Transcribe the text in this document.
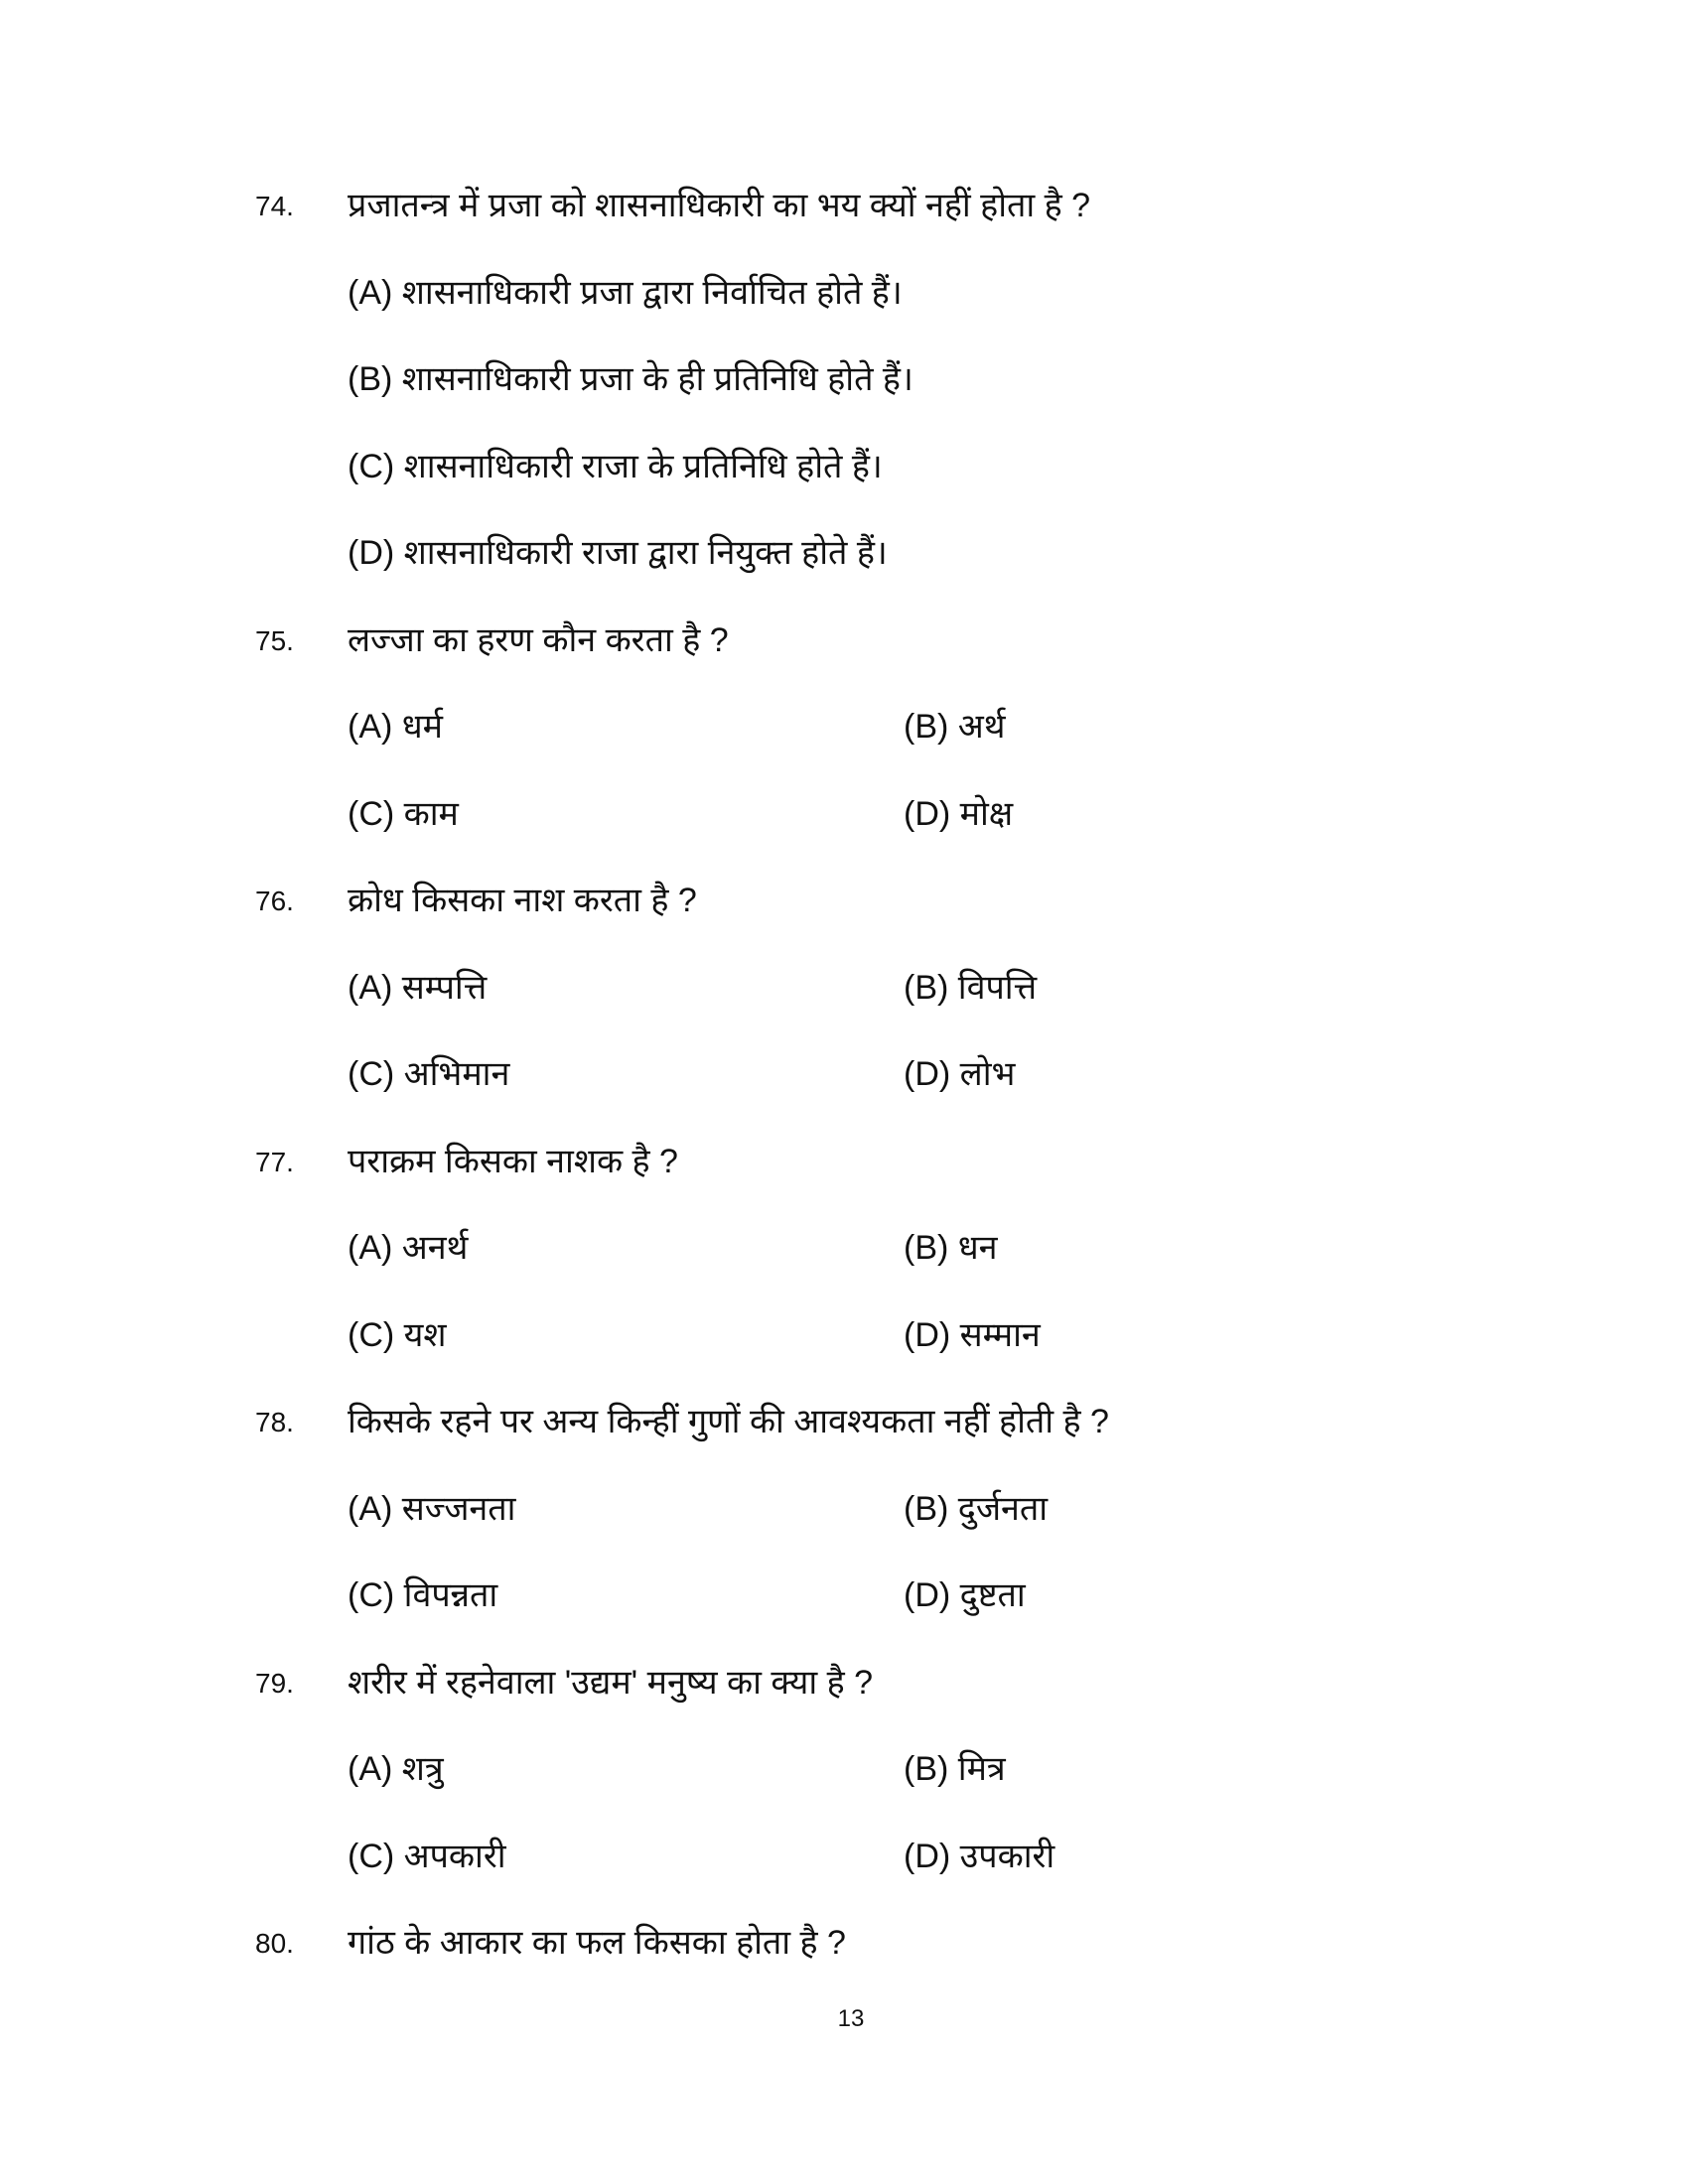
74. प्रजातन्त्र में प्रजा को शासनाधिकारी का भय क्यों नहीं होता है ?
(A) शासनाधिकारी प्रजा द्वारा निर्वाचित होते हैं।
(B) शासनाधिकारी प्रजा के ही प्रतिनिधि होते हैं।
(C) शासनाधिकारी राजा के प्रतिनिधि होते हैं।
(D) शासनाधिकारी राजा द्वारा नियुक्त होते हैं।
75. लज्जा का हरण कौन करता है ?
(A) धर्म	(B) अर्थ
(C) काम	(D) मोक्ष
76. क्रोध किसका नाश करता है ?
(A) सम्पत्ति	(B) विपत्ति
(C) अभिमान	(D) लोभ
77. पराक्रम किसका नाशक है ?
(A) अनर्थ	(B) धन
(C) यश	(D) सम्मान
78. किसके रहने पर अन्य किन्हीं गुणों की आवश्यकता नहीं होती है ?
(A) सज्जनता	(B) दुर्जनता
(C) विपन्नता	(D) दुष्टता
79. शरीर में रहनेवाला 'उद्यम' मनुष्य का क्या है ?
(A) शत्रु	(B) मित्र
(C) अपकारी	(D) उपकारी
80. गांठ के आकार का फल किसका होता है ?
13
